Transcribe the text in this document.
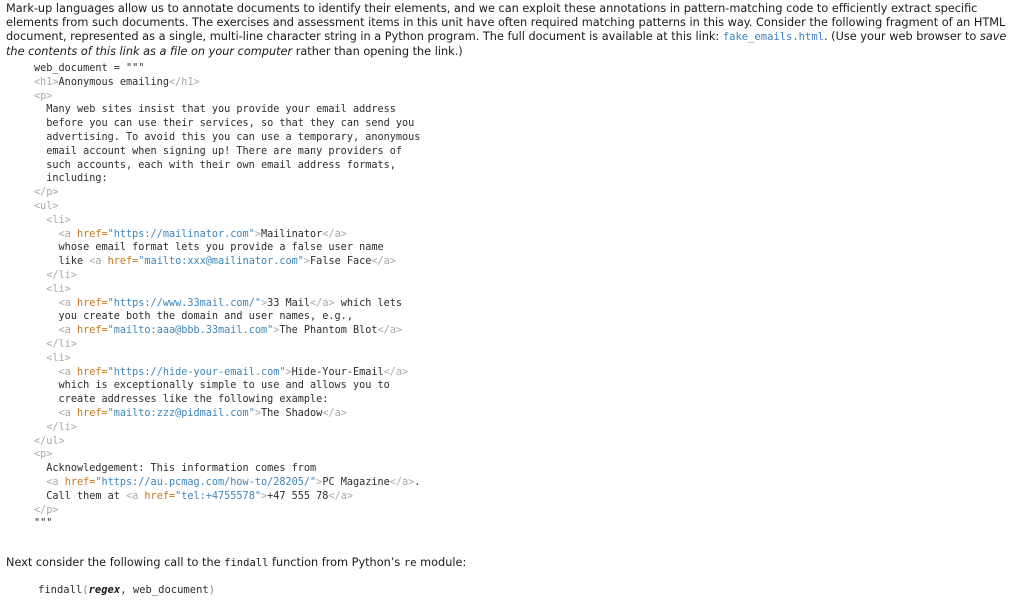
Mark-up languages allow us to annotate documents to identify their elements, and we can exploit these annotations in pattern-matching code to efficiently extract specific elements from such documents. The exercises and assessment items in this unit have often required matching patterns in this way. Consider the following fragment of an HTML document, represented as a single, multi-line character string in a Python program. The full document is available at this link: fake_emails.html. (Use your web browser to save the contents of this link as a file on your computer rather than opening the link.)

web_document = """
<h1>Anonymous emailing</h1>
<p>
Many web sites insist that you provide your email address
before you can use their services, so that they can send you
advertising. To avoid this you can use a temporary, anonymous
email account when signing up! There are many providers of
such accounts, each with their own email address formats,
including:
</p>
<ul>
<li>
<a href="https://mailinator.com">Mailinator</a>
whose email format lets you provide a false user name
like <a href="mailto:xxx@mailinator.com">False Face</a>
</li>
<li>
<a href="https://www.33mail.com/">33 Mail</a> which lets
you create both the domain and user names, e.g.,
<a href="mailto:aaa@bbb.33mail.com">The Phantom Blot</a>
</li>
<li>
<a href="https://hide-your-email.com">Hide-Your-Email</a>
which is exceptionally simple to use and allows you to
create addresses like the following example:
<a href="mailto:zzz@pidmail.com">The Shadow</a>
</li>
</ul>
<p>
Acknowledgement: This information comes from
<a href="https://au.pcmag.com/how-to/28205/">PC Magazine</a>.
Call them at <a href="tel:+4755578">+47 555 78</a>
</p>
"""

Next consider the following call to the findall function from Python’s re module:

findall(regex, web_document)
